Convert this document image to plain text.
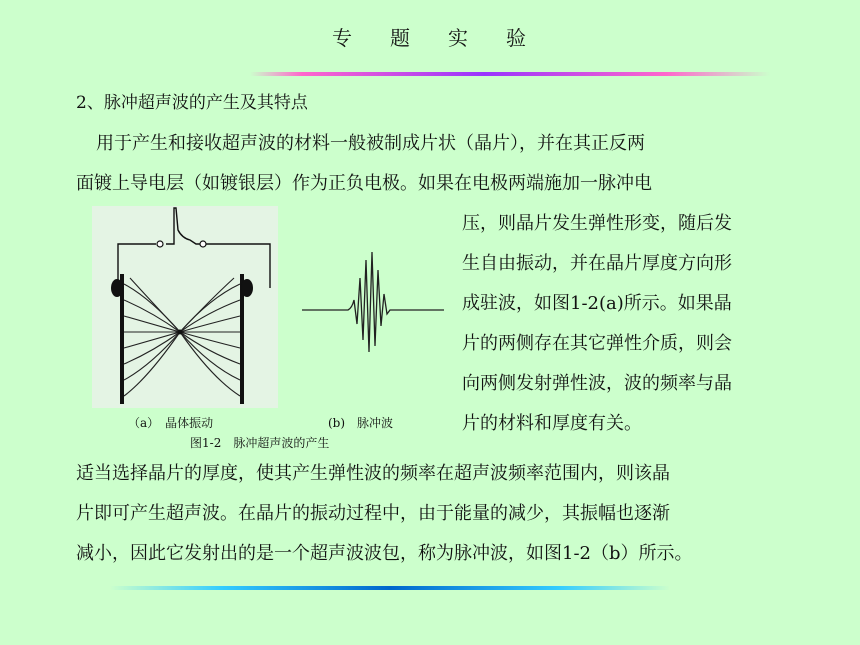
专 题 实 验
2、脉冲超声波的产生及其特点
用于产生和接收超声波的材料一般被制成片状（晶片），并在其正反两
面镀上导电层（如镀银层）作为正负电极。如果在电极两端施加一脉冲电
（a）　晶体振动	(b)　脉冲波
图1-2　脉冲超声波的产生
压，则晶片发生弹性形变，随后发
生自由振动，并在晶片厚度方向形
成驻波，如图1-2(a)所示。如果晶
片的两侧存在其它弹性介质，则会
向两侧发射弹性波，波的频率与晶
片的材料和厚度有关。
适当选择晶片的厚度，使其产生弹性波的频率在超声波频率范围内，则该晶
片即可产生超声波。在晶片的振动过程中，由于能量的减少，其振幅也逐渐
减小，因此它发射出的是一个超声波波包，称为脉冲波，如图1-2（b）所示。
